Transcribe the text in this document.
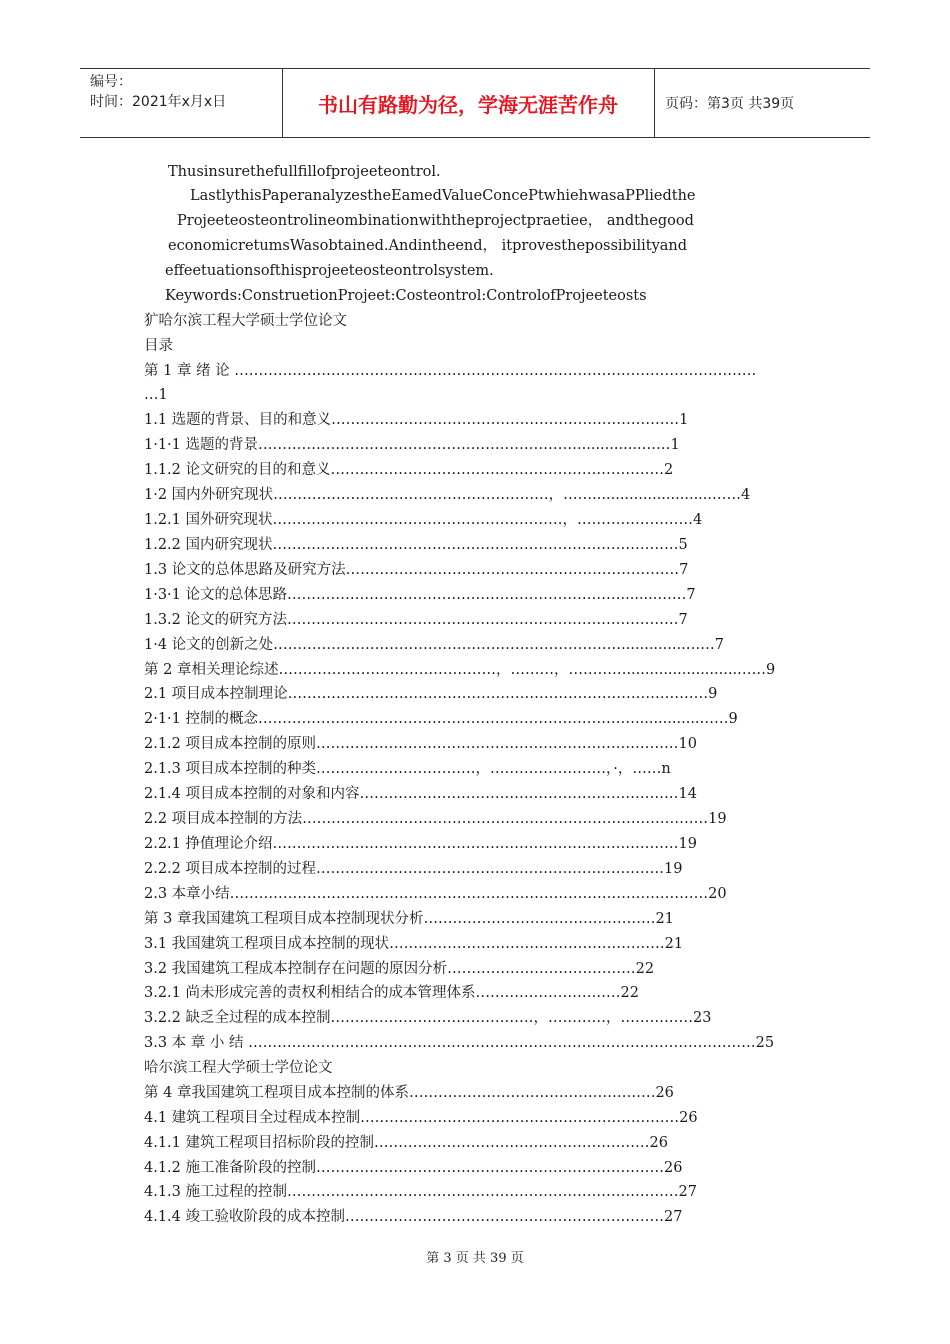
编号：
时间：2021年x月x日	书山有路勤为径，学海无涯苦作舟	页码：第3页 共39页
Thusinsurethefullfillofprojeeteontrol.
LastlythisPaperanalyzestheEamedValueConcePtwhiehwasaPPliedthe
Projeeteosteontrolineombinationwiththeprojectpraetiee， andthegood
economicretumsWasobtained.Andintheend， itprovesthepossibilityand
effeetuationsofthisprojeeteosteontrolsystem.
Keywords:ConstruetionProjeet:Costeontrol:ControlofProjeeteosts
犷哈尔滨工程大学硕士学位论文
目录
第 1 章 绪 论 ………………………………………………………………………………………………
…1
1.1 选题的背景、目的和意义………………………………………………………………1
1·1·1 选题的背景…………………………………………………………..............……1
1.1.2 论文研究的目的和意义……………………………………………………………2
1·2 国内外研究现状…………………………………………………，……..........................……4
1.2.1 国外研究现状……………………………………………………，……………………4
1.2.2 国内研究现状…………………………………………………………………………5
1.3 论文的总体思路及研究方法……………………………………………………………7
1·3·1 论文的总体思路……………………………………………………………........……7
1.3.2 论文的研究方法………………………………………………………………………7
1·4 论文的创新之处………………………………………………………………..............……7
第 2 章相关理论综述………………………………………，………，…………........................……9
2.1 项目成本控制理论……………………………………………………………………………9
2·1·1 控制的概念……………………………………………………………………..............……9
2.1.2 项目成本控制的原则…………………………………………………………………10
2.1.3 项目成本控制的种类……………………………，……………………，·，……n
2.1.4 项目成本控制的对象和内容…………………………………………………………14
2.2 项目成本控制的方法…………………………………………………………………………19
2.2.1 挣值理论介绍…………………………………………………………………………19
2.2.2 项目成本控制的过程………………………………………………………………19
2.3 本章小结………………………………………………………………………………………20
第 3 章我国建筑工程项目成本控制现状分析…………………………………………21
3.1 我国建筑工程项目成本控制的现状…………………………………………………21
3.2 我国建筑工程成本控制存在问题的原因分析…………………………………22
3.2.1 尚未形成完善的责权利相结合的成本管理体系…………………………22
3.2.2 缺乏全过程的成本控制……………………………………，…………，……………23
3.3 本 章 小 结 ……………………………………………………………………………………………25
哈尔滨工程大学硕士学位论文
第 4 章我国建筑工程项目成本控制的体系……………………………………………26
4.1 建筑工程项目全过程成本控制…………………………………………………………26
4.1.1 建筑工程项目招标阶段的控制…………………………………………………26
4.1.2 施工准备阶段的控制………………………………………………………………26
4.1.3 施工过程的控制………………………………………………………………………27
4.1.4 竣工验收阶段的成本控制…………………………………………………………27
第 3 页 共 39 页
